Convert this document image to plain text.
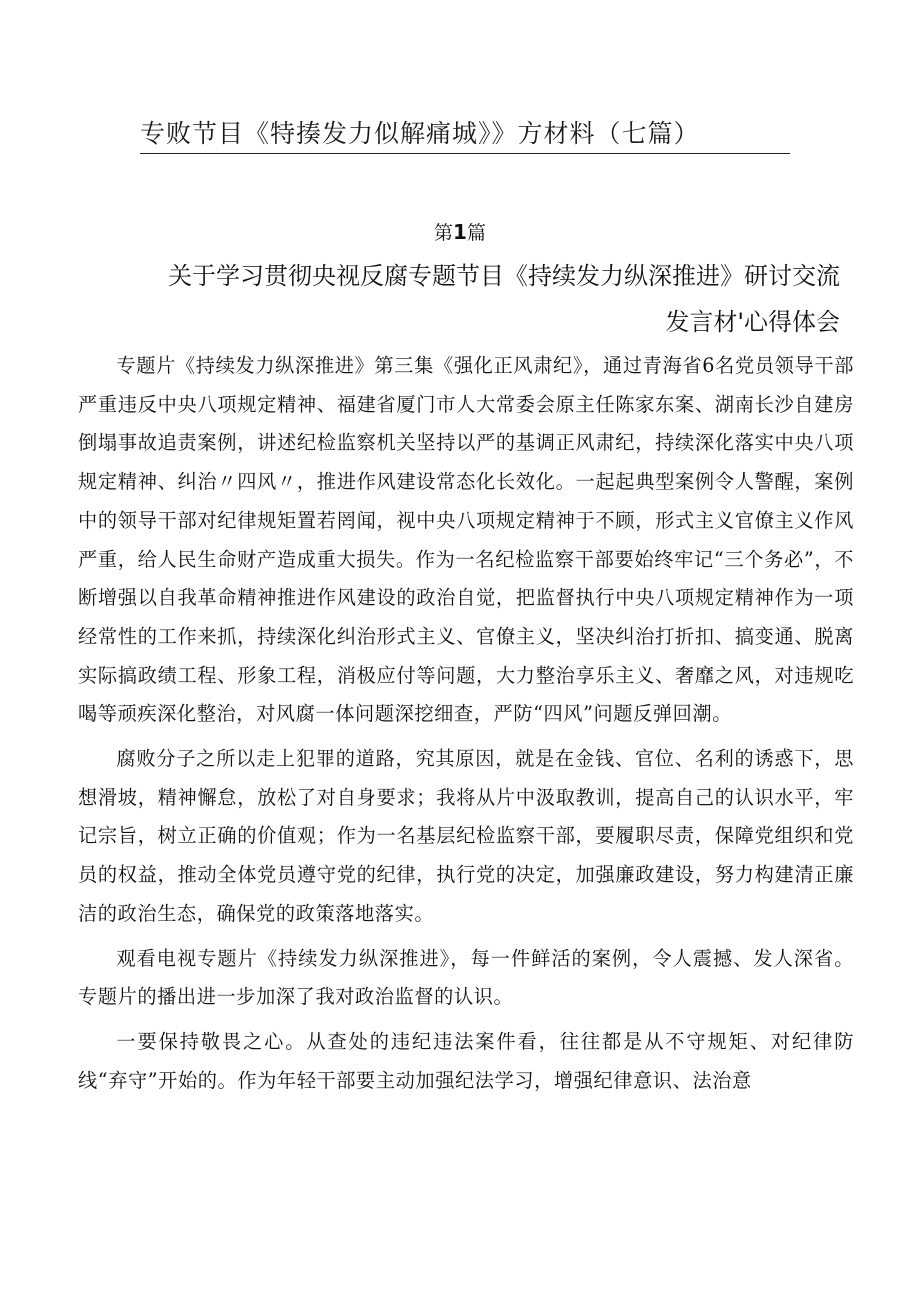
专败节目《特揍发力似解痛城》》方材料（七篇）
第1篇
关于学习贯彻央视反腐专题节目《持续发力纵深推进》研讨交流
发言材'心得体会

专题片《持续发力纵深推进》第三集《强化正风肃纪》，通过青海省6名党员领导干部严重违反中央八项规定精神、福建省厦门市人大常委会原主任陈家东案、湖南长沙自建房倒塌事故追责案例，讲述纪检监察机关坚持以严的基调正风肃纪，持续深化落实中央八项规定精神、纠治〃四风〃，推进作风建设常态化长效化。一起起典型案例令人警醒，案例中的领导干部对纪律规矩置若罔闻，视中央八项规定精神于不顾，形式主义官僚主义作风严重，给人民生命财产造成重大损失。作为一名纪检监察干部要始终牢记“三个务必”，不断增强以自我革命精神推进作风建设的政治自觉，把监督执行中央八项规定精神作为一项经常性的工作来抓，持续深化纠治形式主义、官僚主义，坚决纠治打折扣、搞变通、脱离实际搞政绩工程、形象工程，消极应付等问题，大力整治享乐主义、奢靡之风，对违规吃喝等顽疾深化整治，对风腐一体问题深挖细查，严防“四风”问题反弹回潮。

腐败分子之所以走上犯罪的道路，究其原因，就是在金钱、官位、名利的诱惑下，思想滑坡，精神懈怠，放松了对自身要求；我将从片中汲取教训，提高自己的认识水平，牢记宗旨，树立正确的价值观；作为一名基层纪检监察干部，要履职尽责，保障党组织和党员的权益，推动全体党员遵守党的纪律，执行党的决定，加强廉政建设，努力构建清正廉洁的政治生态，确保党的政策落地落实。

观看电视专题片《持续发力纵深推进》，每一件鲜活的案例，令人震撼、发人深省。专题片的播出进一步加深了我对政治监督的认识。

一要保持敬畏之心。从查处的违纪违法案件看，往往都是从不守规矩、对纪律防线“弃守”开始的。作为年轻干部要主动加强纪法学习，增强纪律意识、法治意
